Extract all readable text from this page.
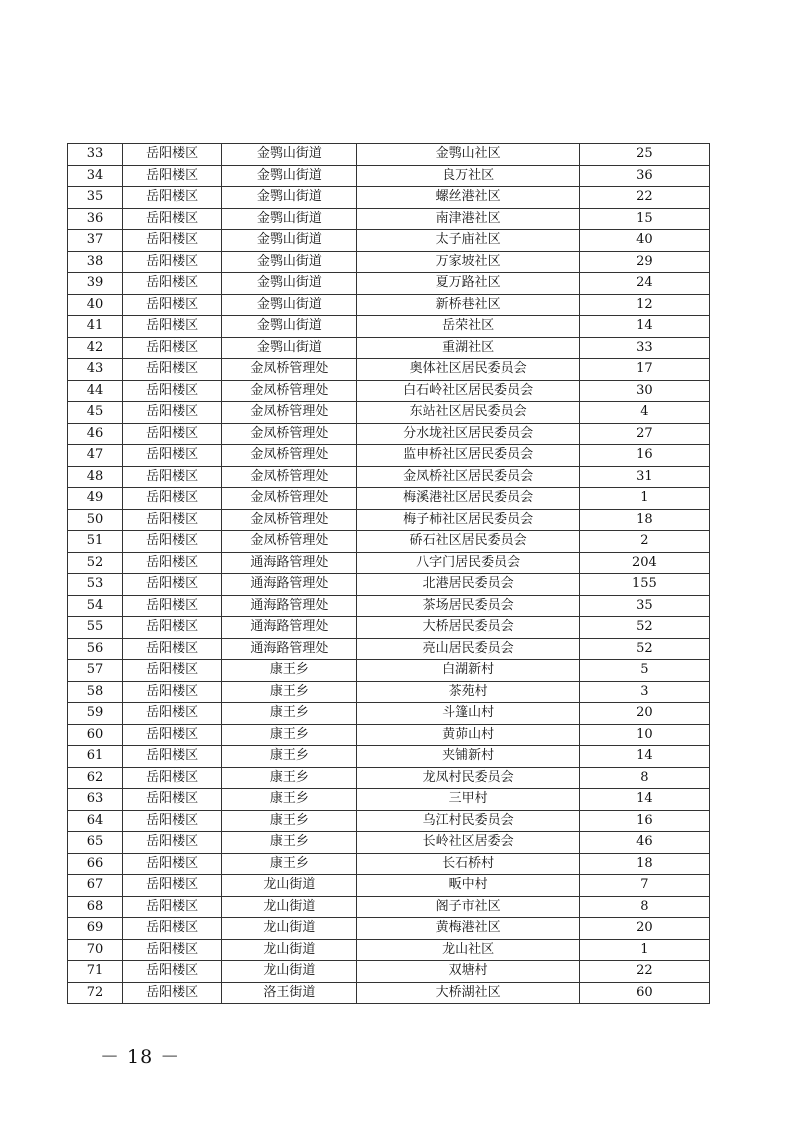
33	岳阳楼区	金鹗山街道	金鹗山社区	25
34	岳阳楼区	金鹗山街道	良万社区	36
35	岳阳楼区	金鹗山街道	螺丝港社区	22
36	岳阳楼区	金鹗山街道	南津港社区	15
37	岳阳楼区	金鹗山街道	太子庙社区	40
38	岳阳楼区	金鹗山街道	万家坡社区	29
39	岳阳楼区	金鹗山街道	夏万路社区	24
40	岳阳楼区	金鹗山街道	新桥巷社区	12
41	岳阳楼区	金鹗山街道	岳荣社区	14
42	岳阳楼区	金鹗山街道	重湖社区	33
43	岳阳楼区	金凤桥管理处	奥体社区居民委员会	17
44	岳阳楼区	金凤桥管理处	白石岭社区居民委员会	30
45	岳阳楼区	金凤桥管理处	东站社区居民委员会	4
46	岳阳楼区	金凤桥管理处	分水垅社区居民委员会	27
47	岳阳楼区	金凤桥管理处	监申桥社区居民委员会	16
48	岳阳楼区	金凤桥管理处	金凤桥社区居民委员会	31
49	岳阳楼区	金凤桥管理处	梅溪港社区居民委员会	1
50	岳阳楼区	金凤桥管理处	梅子柿社区居民委员会	18
51	岳阳楼区	金凤桥管理处	硚石社区居民委员会	2
52	岳阳楼区	通海路管理处	八字门居民委员会	204
53	岳阳楼区	通海路管理处	北港居民委员会	155
54	岳阳楼区	通海路管理处	茶场居民委员会	35
55	岳阳楼区	通海路管理处	大桥居民委员会	52
56	岳阳楼区	通海路管理处	亮山居民委员会	52
57	岳阳楼区	康王乡	白湖新村	5
58	岳阳楼区	康王乡	茶苑村	3
59	岳阳楼区	康王乡	斗篷山村	20
60	岳阳楼区	康王乡	黄茆山村	10
61	岳阳楼区	康王乡	夹铺新村	14
62	岳阳楼区	康王乡	龙凤村民委员会	8
63	岳阳楼区	康王乡	三甲村	14
64	岳阳楼区	康王乡	乌江村民委员会	16
65	岳阳楼区	康王乡	长岭社区居委会	46
66	岳阳楼区	康王乡	长石桥村	18
67	岳阳楼区	龙山街道	畈中村	7
68	岳阳楼区	龙山街道	阁子市社区	8
69	岳阳楼区	龙山街道	黄梅港社区	20
70	岳阳楼区	龙山街道	龙山社区	1
71	岳阳楼区	龙山街道	双塘村	22
72	岳阳楼区	洛王街道	大桥湖社区	60
－ 18 －
